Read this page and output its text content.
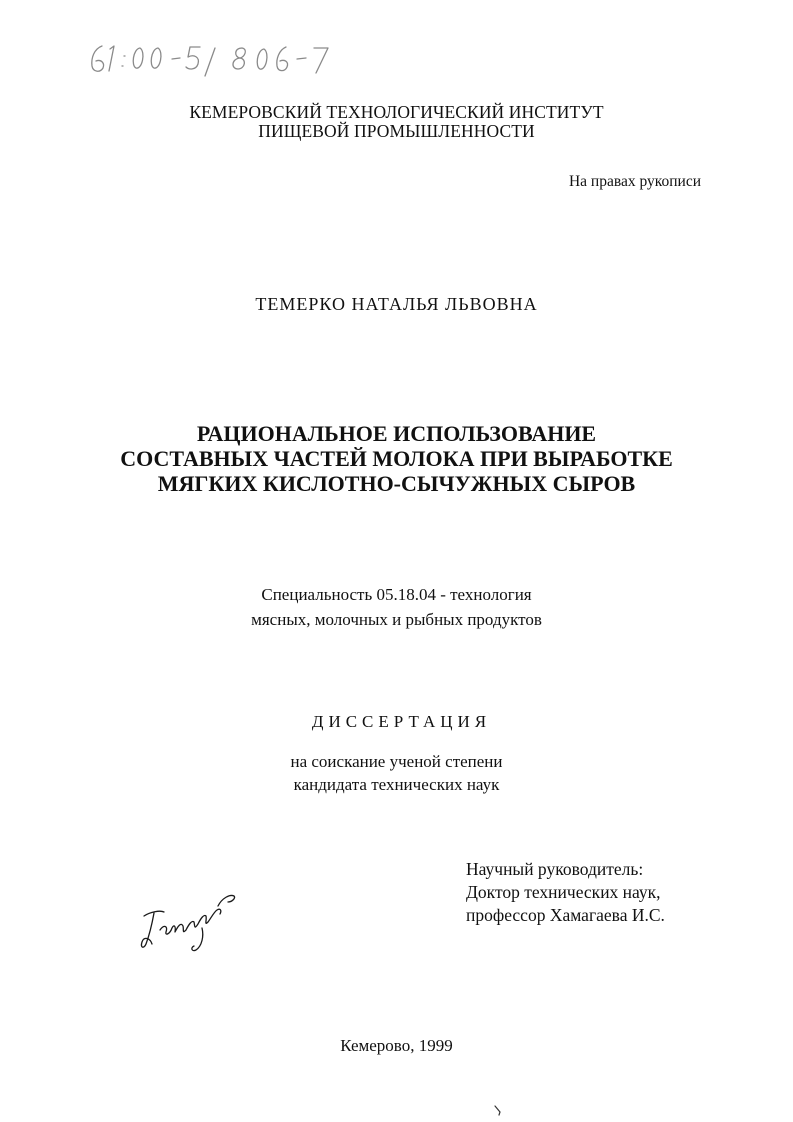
КЕМЕРОВСКИЙ ТЕХНОЛОГИЧЕСКИЙ ИНСТИТУТ
ПИЩЕВОЙ ПРОМЫШЛЕННОСТИ
На правах рукописи
ТЕМЕРКО НАТАЛЬЯ ЛЬВОВНА
РАЦИОНАЛЬНОЕ ИСПОЛЬЗОВАНИЕ
СОСТАВНЫХ ЧАСТЕЙ МОЛОКА ПРИ ВЫРАБОТКЕ
МЯГКИХ КИСЛОТНО-СЫЧУЖНЫХ СЫРОВ
Специальность 05.18.04 - технология
мясных, молочных и рыбных продуктов
ДИССЕРТАЦИЯ
на соискание ученой степени
кандидата технических наук
Научный руководитель:
Доктор технических наук,
профессор Хамагаева И.С.
Кемерово, 1999
